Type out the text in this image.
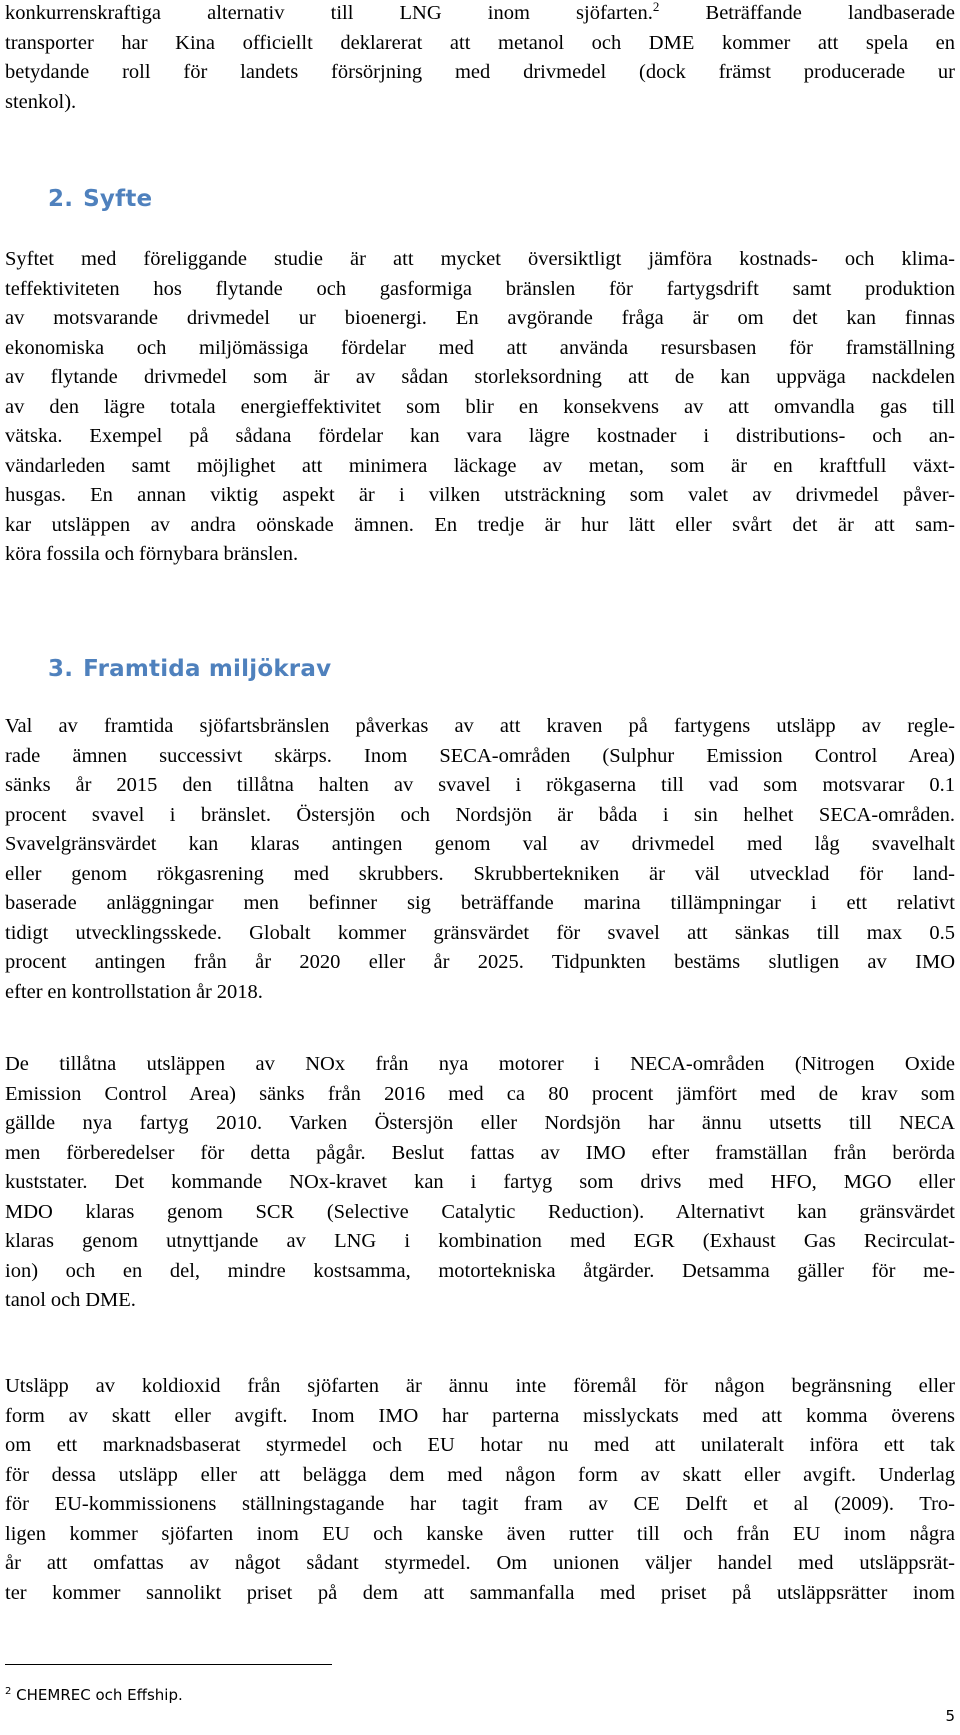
konkurrenskraftiga alternativ till LNG inom sjöfarten.$^2$ Beträffande landbaserade
transporter har Kina officiellt deklarerat att metanol och DME kommer att spela en
betydande roll för landets försörjning med drivmedel (dock främst producerade ur
stenkol).
2. Syfte
Syftet med föreliggande studie är att mycket översiktligt jämföra kostnads- och klima-
teffektiviteten hos flytande och gasformiga bränslen för fartygsdrift samt produktion
av motsvarande drivmedel ur bioenergi. En avgörande fråga är om det kan finnas
ekonomiska och miljömässiga fördelar med att använda resursbasen för framställning
av flytande drivmedel som är av sådan storleksordning att de kan uppväga nackdelen
av den lägre totala energieffektivitet som blir en konsekvens av att omvandla gas till
vätska. Exempel på sådana fördelar kan vara lägre kostnader i distributions- och an-
vändarleden samt möjlighet att minimera läckage av metan, som är en kraftfull växt-
husgas. En annan viktig aspekt är i vilken utsträckning som valet av drivmedel påver-
kar utsläppen av andra oönskade ämnen. En tredje är hur lätt eller svårt det är att sam-
köra fossila och förnybara bränslen.
3. Framtida miljökrav
Val av framtida sjöfartsbränslen påverkas av att kraven på fartygens utsläpp av regle-
rade ämnen successivt skärps. Inom SECA-områden (Sulphur Emission Control Area)
sänks år 2015 den tillåtna halten av svavel i rökgaserna till vad som motsvarar 0.1
procent svavel i bränslet. Östersjön och Nordsjön är båda i sin helhet SECA-områden.
Svavelgränsvärdet kan klaras antingen genom val av drivmedel med låg svavelhalt
eller genom rökgasrening med skrubbers. Skrubbertekniken är väl utvecklad för land-
baserade anläggningar men befinner sig beträffande marina tillämpningar i ett relativt
tidigt utvecklingsskede. Globalt kommer gränsvärdet för svavel att sänkas till max 0.5
procent antingen från år 2020 eller år 2025. Tidpunkten bestäms slutligen av IMO
efter en kontrollstation år 2018.
De tillåtna utsläppen av NOx från nya motorer i NECA-områden (Nitrogen Oxide
Emission Control Area) sänks från 2016 med ca 80 procent jämfört med de krav som
gällde nya fartyg 2010. Varken Östersjön eller Nordsjön har ännu utsetts till NECA
men förberedelser för detta pågår. Beslut fattas av IMO efter framställan från berörda
kuststater. Det kommande NOx-kravet kan i fartyg som drivs med HFO, MGO eller
MDO klaras genom SCR (Selective Catalytic Reduction). Alternativt kan gränsvärdet
klaras genom utnyttjande av LNG i kombination med EGR (Exhaust Gas Recirculat-
ion) och en del, mindre kostsamma, motortekniska åtgärder. Detsamma gäller för me-
tanol och DME.
Utsläpp av koldioxid från sjöfarten är ännu inte föremål för någon begränsning eller
form av skatt eller avgift. Inom IMO har parterna misslyckats med att komma överens
om ett marknadsbaserat styrmedel och EU hotar nu med att unilateralt införa ett tak
för dessa utsläpp eller att belägga dem med någon form av skatt eller avgift. Underlag
för EU-kommissionens ställningstagande har tagit fram av CE Delft et al (2009). Tro-
ligen kommer sjöfarten inom EU och kanske även rutter till och från EU inom några
år att omfattas av något sådant styrmedel. Om unionen väljer handel med utsläppsrät-
ter kommer sannolikt priset på dem att sammanfalla med priset på utsläppsrätter inom

$^2$ CHEMREC och Effship.

5
